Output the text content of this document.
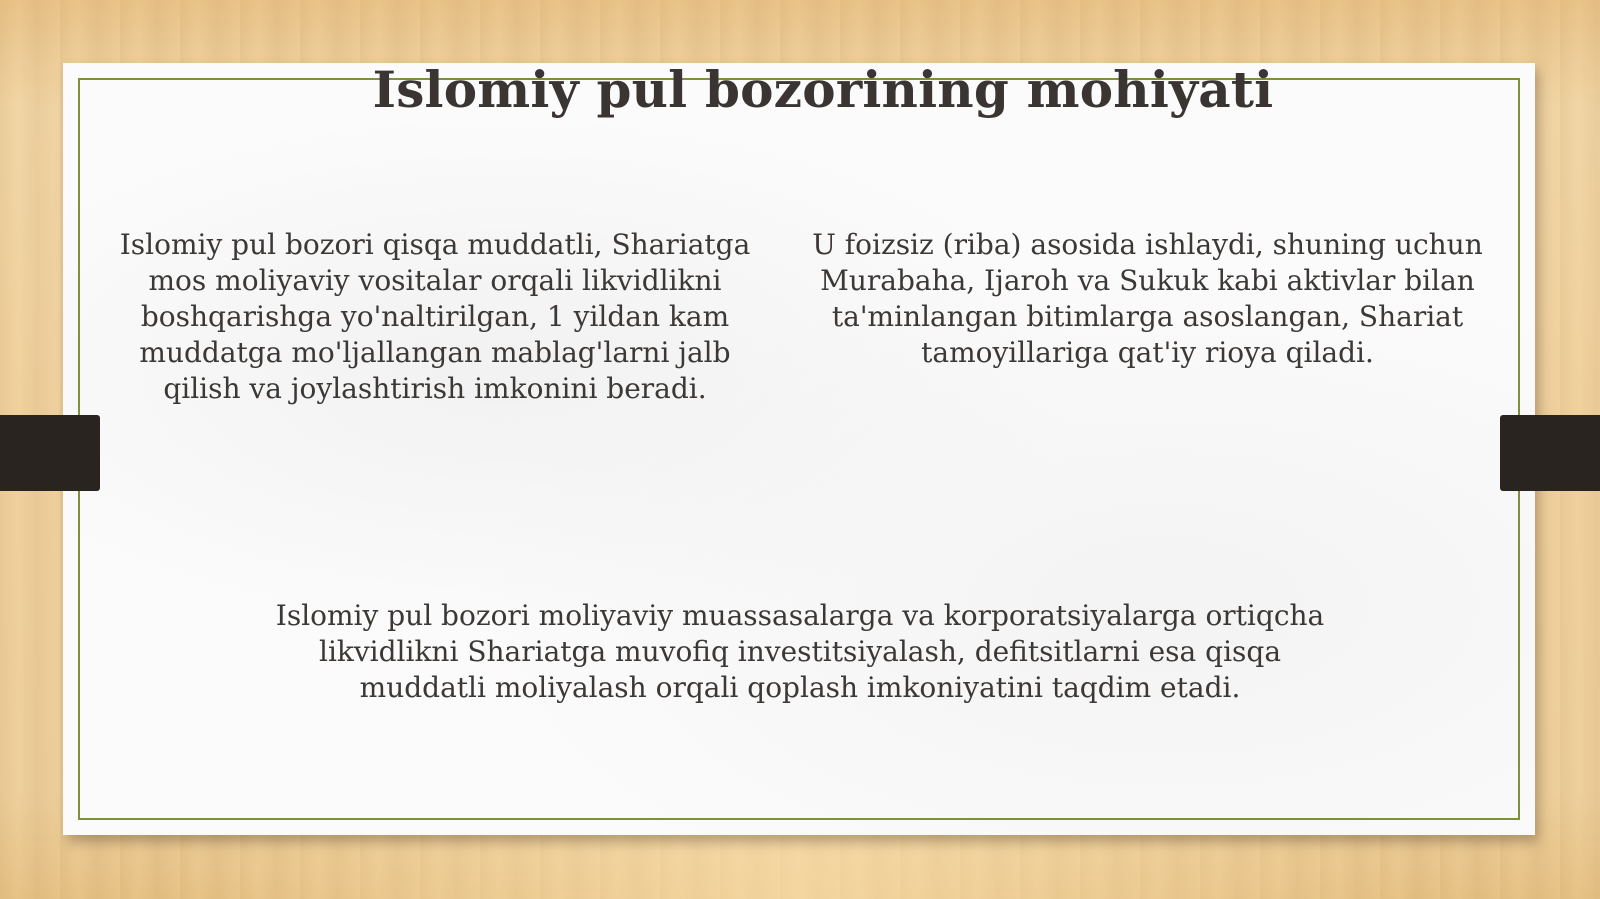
Islomiy pul bozorining mohiyati

Islomiy pul bozori qisqa muddatli, Shariatga mos moliyaviy vositalar orqali likvidlikni boshqarishga yo'naltirilgan, 1 yildan kam muddatga mo'ljallangan mablag'larni jalb qilish va joylashtirish imkonini beradi.

U foizsiz (riba) asosida ishlaydi, shuning uchun Murabaha, Ijaroh va Sukuk kabi aktivlar bilan ta'minlangan bitimlarga asoslangan, Shariat tamoyillariga qat'iy rioya qiladi.

Islomiy pul bozori moliyaviy muassasalarga va korporatsiyalarga ortiqcha likvidlikni Shariatga muvofiq investitsiyalash, defitsitlarni esa qisqa muddatli moliyalash orqali qoplash imkoniyatini taqdim etadi.
